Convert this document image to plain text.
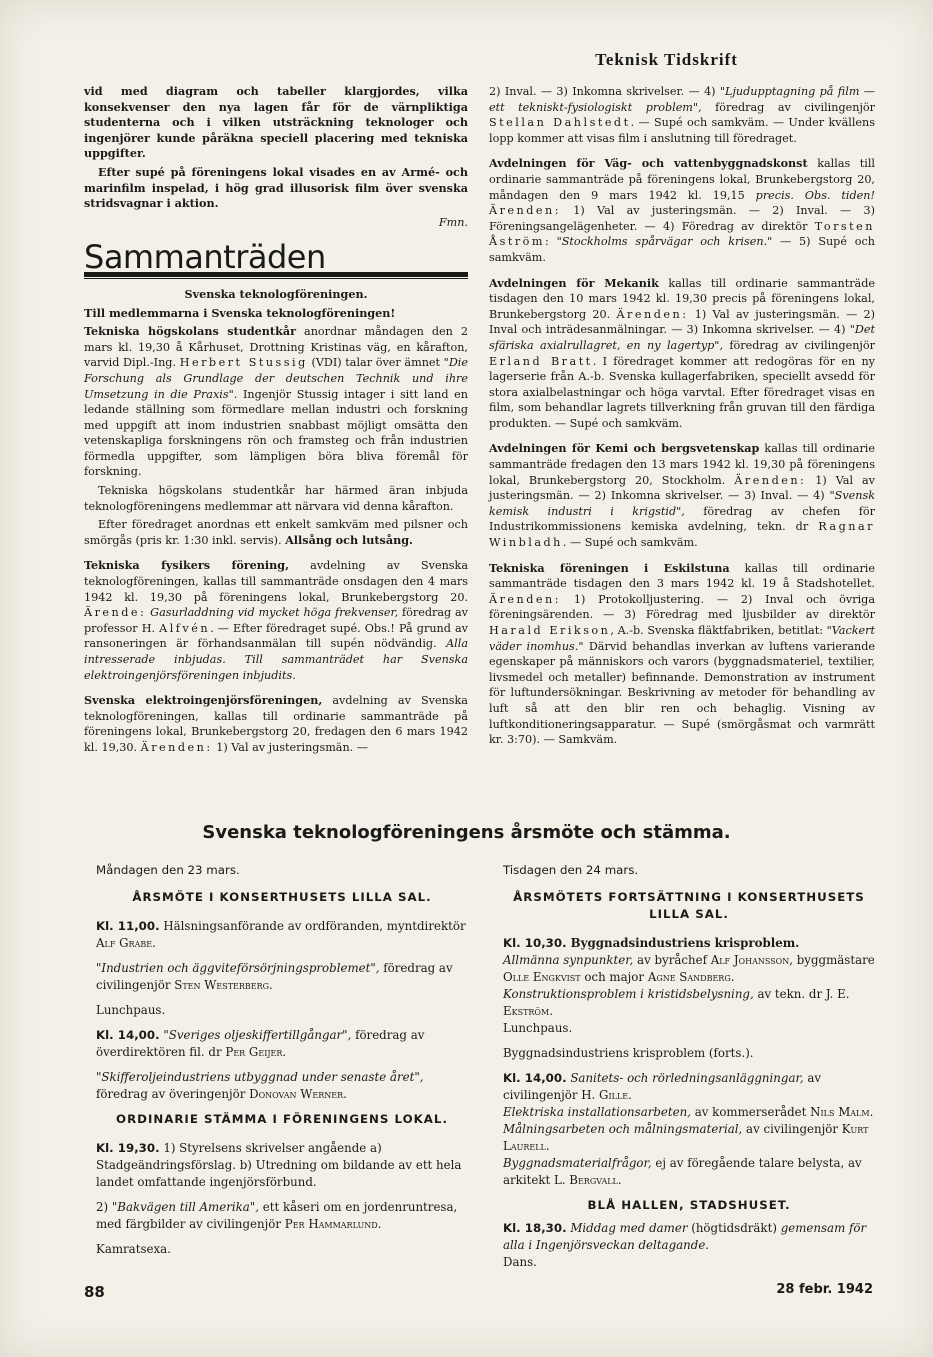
Teknisk Tidskrift

vid med diagram och tabeller klargjordes, vilka konsekvenser den nya lagen får för de värnpliktiga studenterna och i vilken utsträckning teknologer och ingenjörer kunde påräkna speciell placering med tekniska uppgifter.

Efter supé på föreningens lokal visades en av Armé- och marinfilm inspelad, i hög grad illusorisk film över svenska stridsvagnar i aktion.

Fmn.

Sammanträden

Svenska teknologföreningen.

Till medlemmarna i Svenska teknologföreningen!

Tekniska högskolans studentkår anordnar måndagen den 2 mars kl. 19,30 å Kårhuset, Drottning Kristinas väg, en kårafton, varvid Dipl.-Ing. Herbert Stussig (VDI) talar över ämnet "Die Forschung als Grundlage der deutschen Technik und ihre Umsetzung in die Praxis". Ingenjör Stussig intager i sitt land en ledande ställning som förmedlare mellan industri och forskning med uppgift att inom industrien snabbast möjligt omsätta den vetenskapliga forskningens rön och framsteg och från industrien förmedla uppgifter, som lämpligen böra bliva föremål för forskning.

Tekniska högskolans studentkår har härmed äran inbjuda teknologföreningens medlemmar att närvara vid denna kårafton.

Efter föredraget anordnas ett enkelt samkväm med pilsner och smörgås (pris kr. 1:30 inkl. servis). Allsång och lutsång.

Tekniska fysikers förening, avdelning av Svenska teknologföreningen, kallas till sammanträde onsdagen den 4 mars 1942 kl. 19,30 på föreningens lokal, Brunkebergstorg 20. Ärende: Gasurladdning vid mycket höga frekvenser, föredrag av professor H. Alfvén. — Efter föredraget supé. Obs.! På grund av ransoneringen är förhandsanmälan till supén nödvändig. Alla intresserade inbjudas. Till sammanträdet har Svenska elektroingenjörsföreningen inbjudits.

Svenska elektroingenjörsföreningen, avdelning av Svenska teknologföreningen, kallas till ordinarie sammanträde på föreningens lokal, Brunkebergstorg 20, fredagen den 6 mars 1942 kl. 19,30. Ärenden: 1) Val av justeringsmän. —

2) Inval. — 3) Inkomna skrivelser. — 4) "Ljudupptagning på film — ett tekniskt-fysiologiskt problem", föredrag av civilingenjör Stellan Dahlstedt. — Supé och samkväm. — Under kvällens lopp kommer att visas film i anslutning till föredraget.

Avdelningen för Väg- och vattenbyggnadskonst kallas till ordinarie sammanträde på föreningens lokal, Brunkebergstorg 20, måndagen den 9 mars 1942 kl. 19,15 precis. Obs. tiden! Ärenden: 1) Val av justeringsmän. — 2) Inval. — 3) Föreningsangelägenheter. — 4) Föredrag av direktör Torsten Åström: "Stockholms spårvägar och krisen." — 5) Supé och samkväm.

Avdelningen för Mekanik kallas till ordinarie sammanträde tisdagen den 10 mars 1942 kl. 19,30 precis på föreningens lokal, Brunkebergstorg 20. Ärenden: 1) Val av justeringsmän. — 2) Inval och inträdesanmälningar. — 3) Inkomna skrivelser. — 4) "Det sfäriska axialrullagret, en ny lagertyp", föredrag av civilingenjör Erland Bratt. I föredraget kommer att redogöras för en ny lagerserie från A.-b. Svenska kullagerfabriken, speciellt avsedd för stora axialbelastningar och höga varvtal. Efter föredraget visas en film, som behandlar lagrets tillverkning från gruvan till den färdiga produkten. — Supé och samkväm.

Avdelningen för Kemi och bergsvetenskap kallas till ordinarie sammanträde fredagen den 13 mars 1942 kl. 19,30 på föreningens lokal, Brunkebergstorg 20, Stockholm. Ärenden: 1) Val av justeringsmän. — 2) Inkomna skrivelser. — 3) Inval. — 4) "Svensk kemisk industri i krigstid", föredrag av chefen för Industrikommissionens kemiska avdelning, tekn. dr Ragnar Winbladh. — Supé och samkväm.

Tekniska föreningen i Eskilstuna kallas till ordinarie sammanträde tisdagen den 3 mars 1942 kl. 19 å Stadshotellet. Ärenden: 1) Protokolljustering. — 2) Inval och övriga föreningsärenden. — 3) Föredrag med ljusbilder av direktör Harald Erikson, A.-b. Svenska fläktfabriken, betitlat: "Vackert väder inomhus." Därvid behandlas inverkan av luftens varierande egenskaper på människors och varors (byggnadsmateriel, textilier, livsmedel och metaller) befinnande. Demonstration av instrument för luftundersökningar. Beskrivning av metoder för behandling av luft så att den blir ren och behaglig. Visning av luftkonditioneringsapparatur. — Supé (smörgåsmat och varmrätt kr. 3:70). — Samkväm.

Svenska teknologföreningens årsmöte och stämma.
Måndagen den 23 mars.
ÅRSMÖTE I KONSERTHUSETS LILLA SAL.

Kl. 11,00. Hälsningsanförande av ordföranden, myntdirektör Alf Grabe.

"Industrien och äggviteförsörjningsproblemet", föredrag av civilingenjör Sten Westerberg.

Lunchpaus.

Kl. 14,00. "Sveriges oljeskiffertillgångar", föredrag av överdirektören fil. dr Per Geijer.

"Skifferoljeindustriens utbyggnad under senaste året", föredrag av överingenjör Donovan Werner.

ORDINARIE STÄMMA I FÖRENINGENS LOKAL.

Kl. 19,30. 1) Styrelsens skrivelser angående a) Stadgeändringsförslag. b) Utredning om bildande av ett hela landet omfattande ingenjörsförbund.

2) "Bakvägen till Amerika", ett kåseri om en jordenruntresa, med färgbilder av civilingenjör Per Hammarlund.

Kamratsexa.

Tisdagen den 24 mars.
ÅRSMÖTETS FORTSÄTTNING I KONSERTHUSETS LILLA SAL.

Kl. 10,30. Byggnadsindustriens krisproblem.
Allmänna synpunkter, av byråchef Alf Johansson, byggmästare Olle Engkvist och major Agne Sandberg.
Konstruktionsproblem i kristidsbelysning, av tekn. dr J. E. Ekström.
Lunchpaus.

Byggnadsindustriens krisproblem (forts.).

Kl. 14,00. Sanitets- och rörledningsanläggningar, av civilingenjör H. Gille.
Elektriska installationsarbeten, av kommerserådet Nils Malm.
Målningsarbeten och målningsmaterial, av civilingenjör Kurt Laurell.
Byggnadsmaterialfrågor, ej av föregående talare belysta, av arkitekt L. Bergvall.

BLÅ HALLEN, STADSHUSET.

Kl. 18,30. Middag med damer (högtidsdräkt) gemensam för alla i Ingenjörsveckan deltagande.
Dans.

88	28 febr. 1942
